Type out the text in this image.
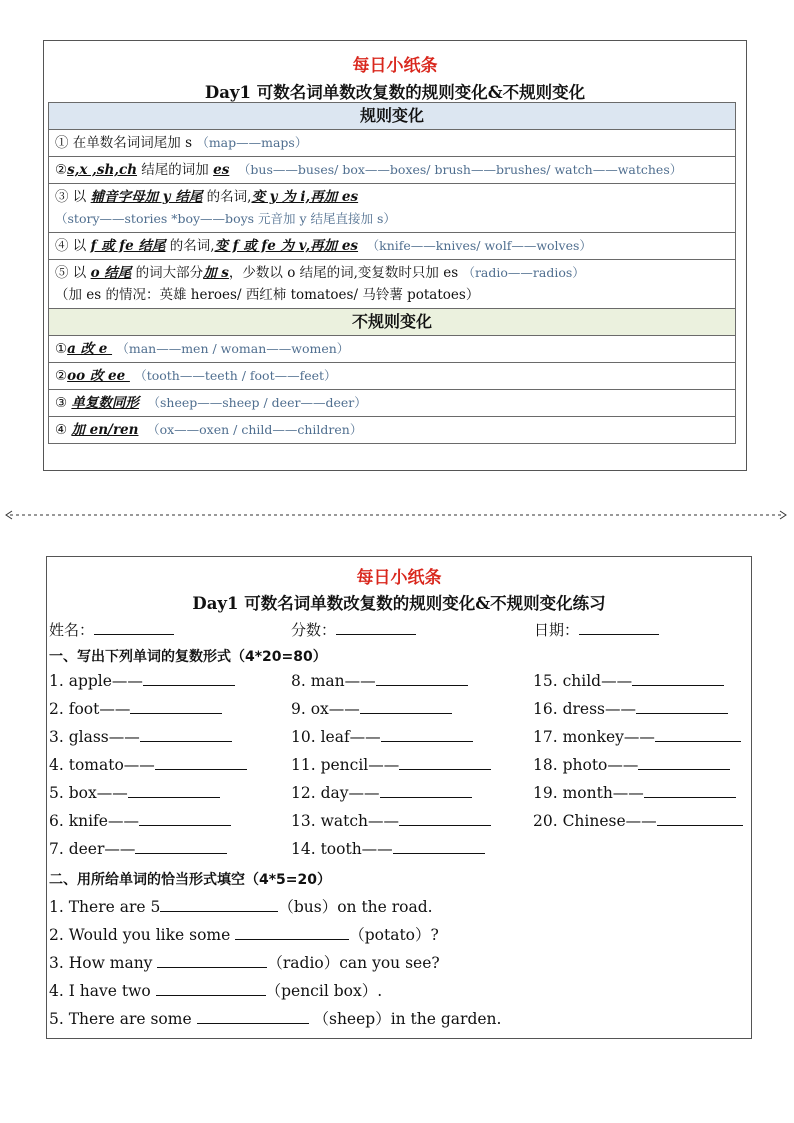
每日小纸条
Day1 可数名词单数改复数的规则变化&不规则变化
规则变化
① 在单数名词词尾加 s （map——maps）
②s,x ,sh,ch 结尾的词加 es （bus——buses/ box——boxes/ brush——brushes/ watch——watches）
③ 以 辅音字母加 y 结尾 的名词,变 y 为 i,再加 es
（story——stories *boy——boys 元音加 y 结尾直接加 s）
④ 以 f 或 fe 结尾 的名词,变 f 或 fe 为 v,再加 es （knife——knives/ wolf——wolves）
⑤ 以 o 结尾 的词大部分加 s，少数以 o 结尾的词,变复数时只加 es （radio——radios）
（加 es 的情况：英雄 heroes/ 西红柿 tomatoes/ 马铃薯 potatoes）
不规则变化
①a 改 e  （man——men / woman——women）
②oo 改 ee  （tooth——teeth / foot——feet）
③ 单复数同形 （sheep——sheep / deer——deer）
④ 加 en/ren （ox——oxen / child——children）
每日小纸条
Day1 可数名词单数改复数的规则变化&不规则变化练习
姓名：	分数：	日期：
一、写出下列单词的复数形式（4*20=80）
1. apple——
2. foot——
3. glass——
4. tomato——
5. box——
6. knife——
7. deer——
8. man——
9. ox——
10. leaf——
11. pencil——
12. day——
13. watch——
14. tooth——
15. child——
16. dress——
17. monkey——
18. photo——
19. month——
20. Chinese——
二、用所给单词的恰当形式填空（4*5=20）
1. There are 5	（bus）on the road.
2. Would you like some	（potato）?
3. How many	（radio）can you see?
4. I have two	（pencil box）.
5. There are some	（sheep）in the garden.
